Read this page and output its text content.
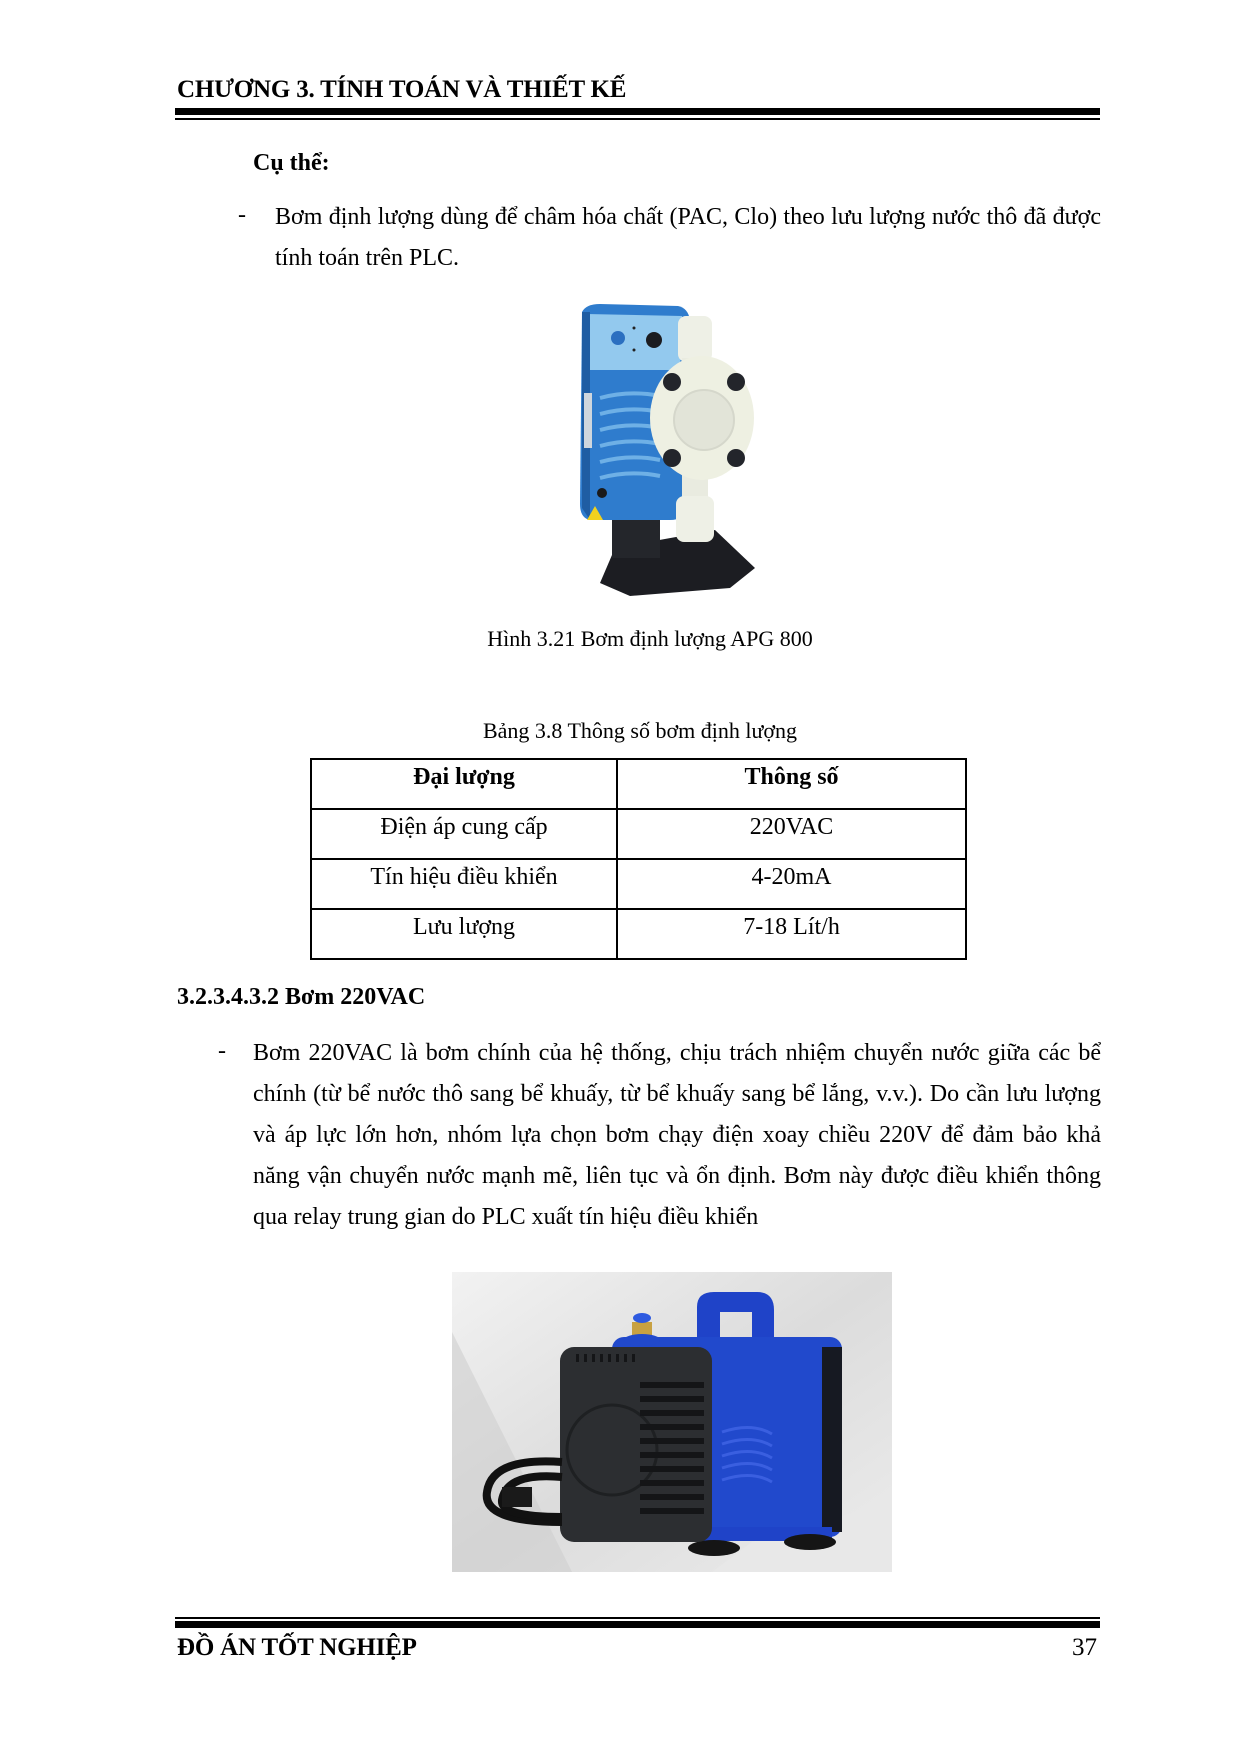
CHƯƠNG 3. TÍNH TOÁN VÀ THIẾT KẾ
Cụ thể:
- Bơm định lượng dùng để châm hóa chất (PAC, Clo) theo lưu lượng nước thô đã được tính toán trên PLC.
Hình 3.21 Bơm định lượng APG 800
Bảng 3.8 Thông số bơm định lượng
Đại lượng	Thông số
Điện áp cung cấp	220VAC
Tín hiệu điều khiển	4-20mA
Lưu lượng	7-18 Lít/h
3.2.3.4.3.2 Bơm 220VAC
- Bơm 220VAC là bơm chính của hệ thống, chịu trách nhiệm chuyển nước giữa các bể chính (từ bể nước thô sang bể khuấy, từ bể khuấy sang bể lắng, v.v.). Do cần lưu lượng và áp lực lớn hơn, nhóm lựa chọn bơm chạy điện xoay chiều 220V để đảm bảo khả năng vận chuyển nước mạnh mẽ, liên tục và ổn định. Bơm này được điều khiển thông qua relay trung gian do PLC xuất tín hiệu điều khiển
ĐỒ ÁN TỐT NGHIỆP	37
